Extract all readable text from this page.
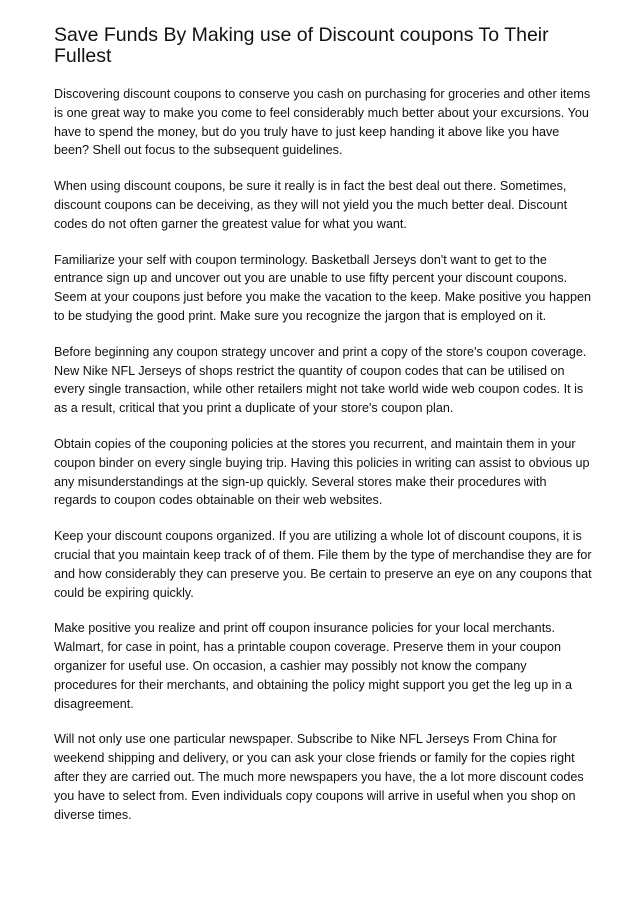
Save Funds By Making use of Discount coupons To Their Fullest

Discovering discount coupons to conserve you cash on purchasing for groceries and other items is one great way to make you come to feel considerably much better about your excursions. You have to spend the money, but do you truly have to just keep handing it above like you have been? Shell out focus to the subsequent guidelines.

When using discount coupons, be sure it really is in fact the best deal out there. Sometimes, discount coupons can be deceiving, as they will not yield you the much better deal. Discount codes do not often garner the greatest value for what you want.

Familiarize your self with coupon terminology. Basketball Jerseys don't want to get to the entrance sign up and uncover out you are unable to use fifty percent your discount coupons. Seem at your coupons just before you make the vacation to the keep. Make positive you happen to be studying the good print. Make sure you recognize the jargon that is employed on it.

Before beginning any coupon strategy uncover and print a copy of the store's coupon coverage. New Nike NFL Jerseys of shops restrict the quantity of coupon codes that can be utilised on every single transaction, while other retailers might not take world wide web coupon codes. It is as a result, critical that you print a duplicate of your store's coupon plan.

Obtain copies of the couponing policies at the stores you recurrent, and maintain them in your coupon binder on every single buying trip. Having this policies in writing can assist to obvious up any misunderstandings at the sign-up quickly. Several stores make their procedures with regards to coupon codes obtainable on their web websites.

Keep your discount coupons organized. If you are utilizing a whole lot of discount coupons, it is crucial that you maintain keep track of of them. File them by the type of merchandise they are for and how considerably they can preserve you. Be certain to preserve an eye on any coupons that could be expiring quickly.

Make positive you realize and print off coupon insurance policies for your local merchants. Walmart, for case in point, has a printable coupon coverage. Preserve them in your coupon organizer for useful use. On occasion, a cashier may possibly not know the company procedures for their merchants, and obtaining the policy might support you get the leg up in a disagreement.

Will not only use one particular newspaper. Subscribe to Nike NFL Jerseys From China for weekend shipping and delivery, or you can ask your close friends or family for the copies right after they are carried out. The much more newspapers you have, the a lot more discount codes you have to select from. Even individuals copy coupons will arrive in useful when you shop on diverse times.
